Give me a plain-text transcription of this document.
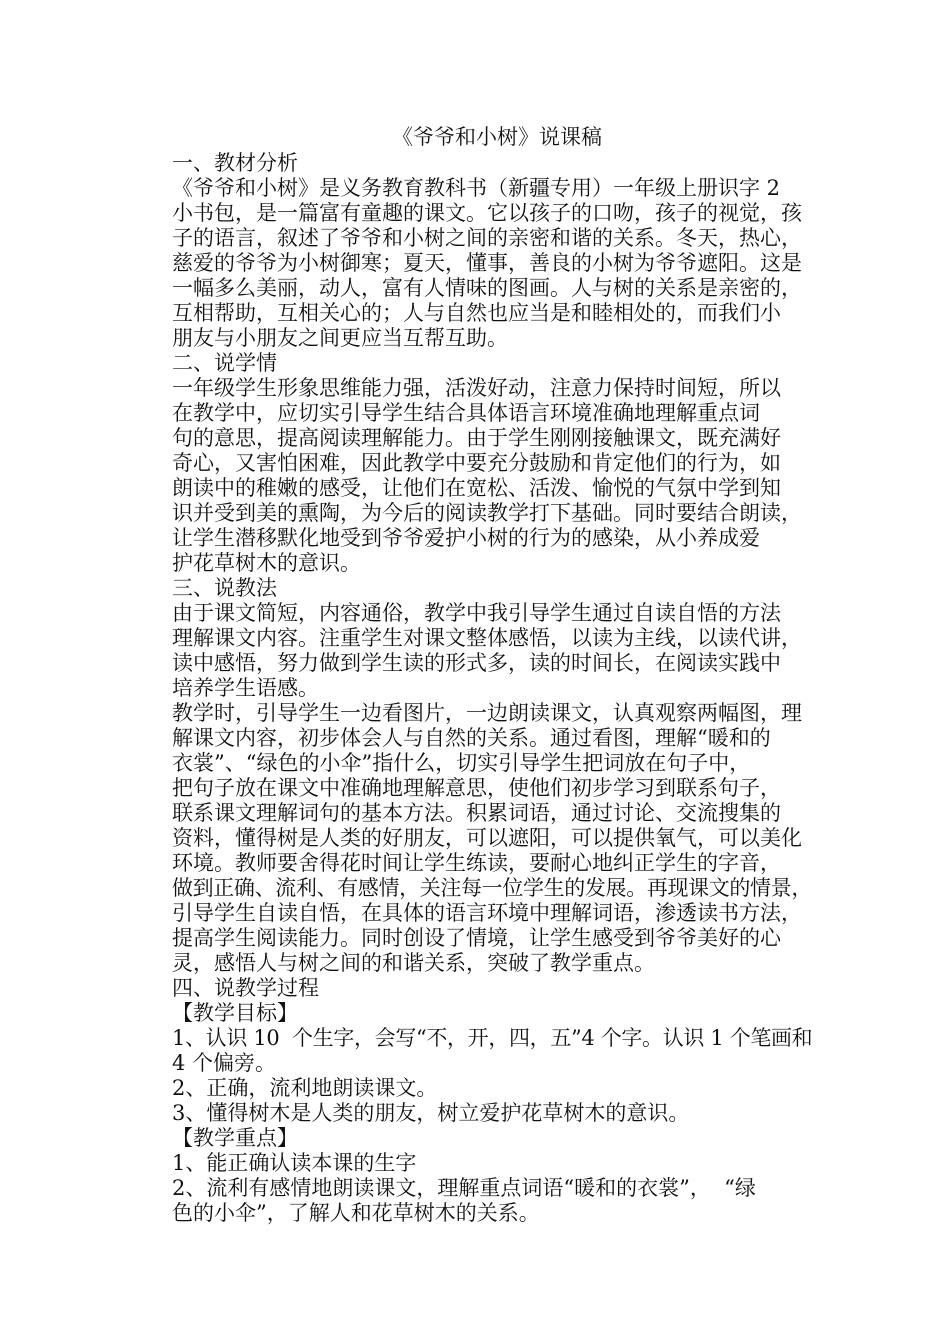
《爷爷和小树》说课稿
一、教材分析
《爷爷和小树》是义务教育教科书（新疆专用）一年级上册识字 2
小书包，是一篇富有童趣的课文。它以孩子的口吻，孩子的视觉，孩
子的语言，叙述了爷爷和小树之间的亲密和谐的关系。冬天，热心，
慈爱的爷爷为小树御寒；夏天，懂事，善良的小树为爷爷遮阳。这是
一幅多么美丽，动人，富有人情味的图画。人与树的关系是亲密的，
互相帮助，互相关心的；人与自然也应当是和睦相处的，而我们小
朋友与小朋友之间更应当互帮互助。
二、说学情
一年级学生形象思维能力强，活泼好动，注意力保持时间短，所以
在教学中，应切实引导学生结合具体语言环境准确地理解重点词
句的意思，提高阅读理解能力。由于学生刚刚接触课文，既充满好
奇心，又害怕困难，因此教学中要充分鼓励和肯定他们的行为，如
朗读中的稚嫩的感受，让他们在宽松、活泼、愉悦的气氛中学到知
识并受到美的熏陶，为今后的阅读教学打下基础。同时要结合朗读，
让学生潜移默化地受到爷爷爱护小树的行为的感染，从小养成爱
护花草树木的意识。
三、说教法
由于课文简短，内容通俗，教学中我引导学生通过自读自悟的方法
理解课文内容。注重学生对课文整体感悟，以读为主线，以读代讲，
读中感悟，努力做到学生读的形式多，读的时间长，在阅读实践中
培养学生语感。
教学时，引导学生一边看图片，一边朗读课文，认真观察两幅图，理
解课文内容，初步体会人与自然的关系。通过看图，理解“暖和的
衣裳”、“绿色的小伞”指什么，切实引导学生把词放在句子中，
把句子放在课文中准确地理解意思，使他们初步学习到联系句子，
联系课文理解词句的基本方法。积累词语，通过讨论、交流搜集的
资料，懂得树是人类的好朋友，可以遮阳，可以提供氧气，可以美化
环境。教师要舍得花时间让学生练读，要耐心地纠正学生的字音，
做到正确、流利、有感情，关注每一位学生的发展。再现课文的情景，
引导学生自读自悟，在具体的语言环境中理解词语，渗透读书方法，
提高学生阅读能力。同时创设了情境，让学生感受到爷爷美好的心
灵，感悟人与树之间的和谐关系，突破了教学重点。
四、说教学过程
【教学目标】
1、认识 10  个生字，会写“不，开，四，五”4 个字。认识 1 个笔画和
4 个偏旁。
2、正确，流利地朗读课文。
3、懂得树木是人类的朋友，树立爱护花草树木的意识。
【教学重点】
1、能正确认读本课的生字
2、流利有感情地朗读课文，理解重点词语“暖和的衣裳”，  “绿
色的小伞”，了解人和花草树木的关系。
